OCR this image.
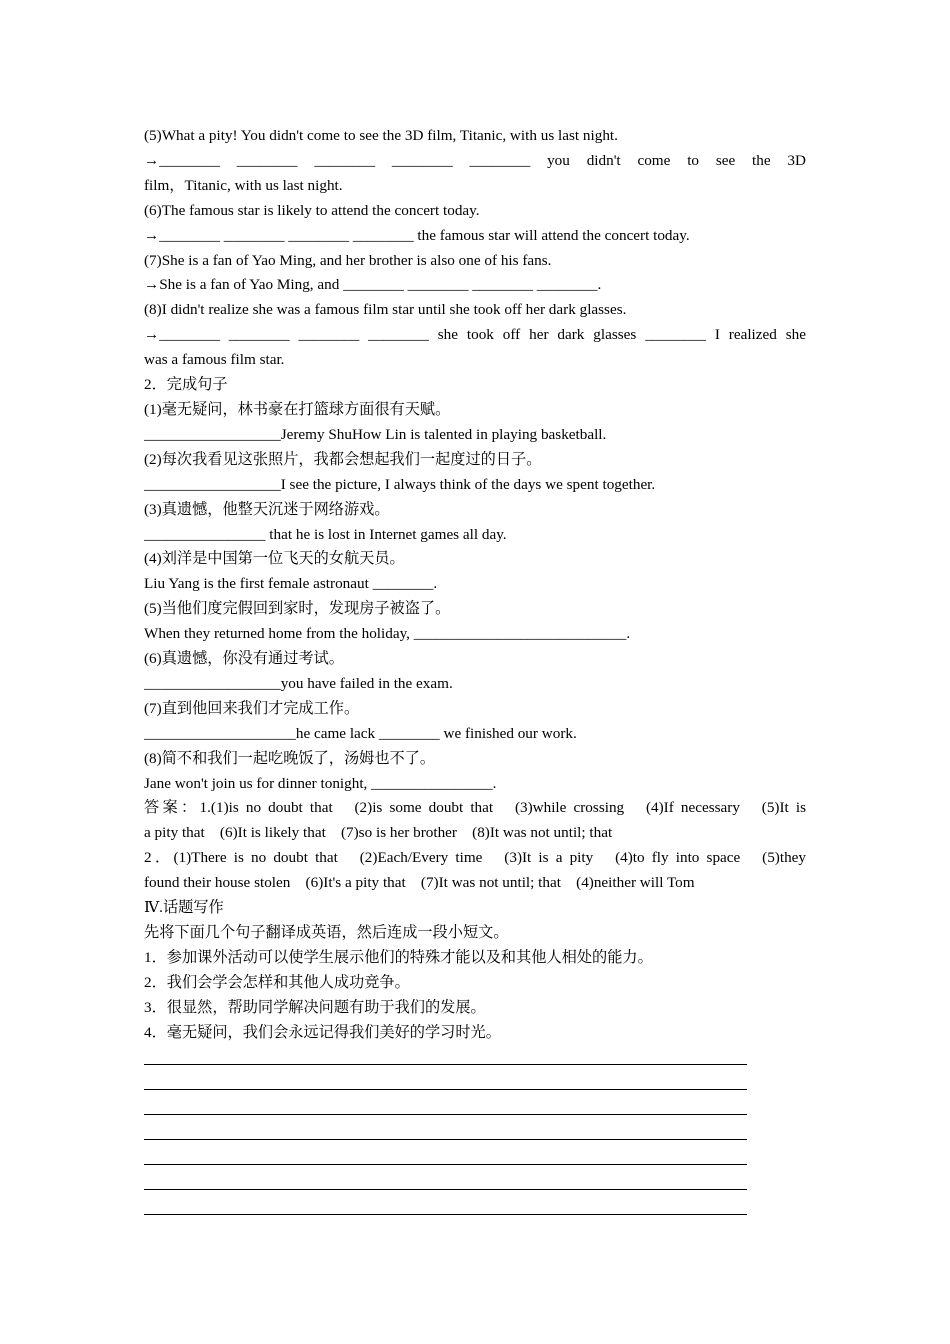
(5)What a pity! You didn't come to see the 3D film, Titanic, with us last night.
→________ ________ ________ ________ ________ you didn't come to see the 3D
film，Titanic, with us last night.
(6)The famous star is likely to attend the concert today.
→________ ________ ________ ________ the famous star will attend the concert today.
(7)She is a fan of Yao Ming, and her brother is also one of his fans.
→She is a fan of Yao Ming, and ________ ________ ________ ________.
(8)I didn't realize she was a famous film star until she took off her dark glasses.
→________ ________ ________ ________ she took off her dark glasses ________ I realized she
was a famous film star.
2．完成句子
(1)毫无疑问，林书豪在打篮球方面很有天赋。
__________________Jeremy ShuHow Lin is talented in playing basketball.
(2)每次我看见这张照片，我都会想起我们一起度过的日子。
__________________I see the picture, I always think of the days we spent together.
(3)真遗憾，他整天沉迷于网络游戏。
________________ that he is lost in Internet games all day.
(4)刘洋是中国第一位飞天的女航天员。
Liu Yang is the first female astronaut ________.
(5)当他们度完假回到家时，发现房子被盗了。
When they returned home from the holiday, ____________________________.
(6)真遗憾，你没有通过考试。
__________________you have failed in the exam.
(7)直到他回来我们才完成工作。
____________________he came lack ________ we finished our work.
(8)简不和我们一起吃晚饭了，汤姆也不了。
Jane won't join us for dinner tonight, ________________.
答案：1.(1)is no doubt that　(2)is some doubt that　(3)while crossing　(4)If necessary　(5)It is
a pity that　(6)It is likely that　(7)so is her brother　(8)It was not until; that
2．(1)There is no doubt that　(2)Each/Every time　(3)It is a pity　(4)to fly into space　(5)they
found their house stolen　(6)It's a pity that　(7)It was not until; that　(4)neither will Tom
Ⅳ.话题写作
先将下面几个句子翻译成英语，然后连成一段小短文。
1．参加课外活动可以使学生展示他们的特殊才能以及和其他人相处的能力。
2．我们会学会怎样和其他人成功竞争。
3．很显然，帮助同学解决问题有助于我们的发展。
4．毫无疑问，我们会永远记得我们美好的学习时光。
